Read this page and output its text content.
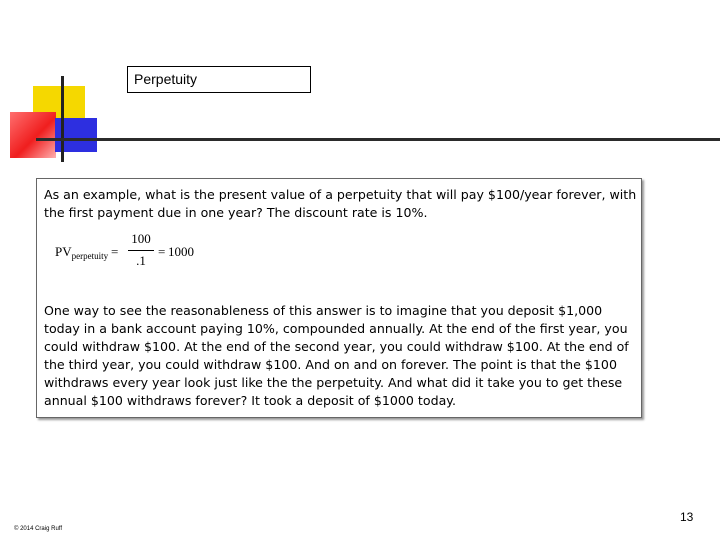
Perpetuity

As an example, what is the present value of a perpetuity that will pay $100/year forever, with the first payment due in one year? The discount rate is 10%.

$PV_{perpetuity}$ =
100
.1
= 1000

One way to see the reasonableness of this answer is to imagine that you deposit $1,000 today in a bank account paying 10%, compounded annually. At the end of the first year, you could withdraw $100. At the end of the second year, you could withdraw $100. At the end of the third year, you could withdraw $100. And on and on forever. The point is that the $100 withdraws every year look just like the the perpetuity. And what did it take you to get these annual $100 withdraws forever? It took a deposit of $1000 today.

© 2014 Craig Ruff
13
